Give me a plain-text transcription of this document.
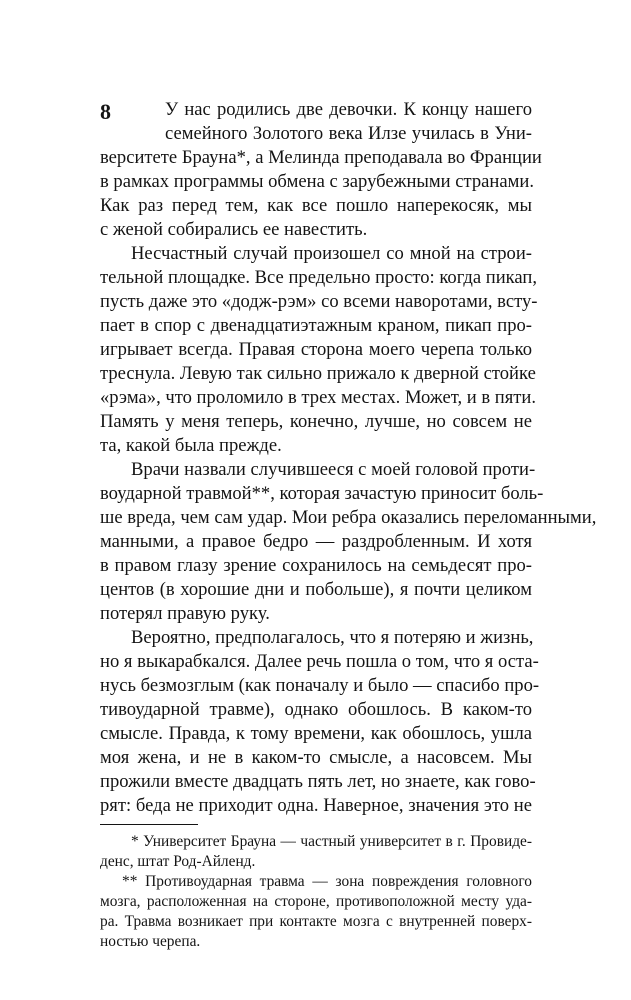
8	У нас родились две девочки. К концу нашего
семейного Золотого века Илзе училась в Уни-
верситете Брауна*, а Мелинда преподавала во Франции
в рамках программы обмена с зарубежными странами.
Как раз перед тем, как все пошло наперекосяк, мы
с женой собирались ее навестить.
Несчастный случай произошел со мной на строи-
тельной площадке. Все предельно просто: когда пикап,
пусть даже это «додж-рэм» со всеми наворотами, всту-
пает в спор с двенадцатиэтажным краном, пикап про-
игрывает всегда. Правая сторона моего черепа только
треснула. Левую так сильно прижало к дверной стойке
«рэма», что проломило в трех местах. Может, и в пяти.
Память у меня теперь, конечно, лучше, но совсем не
та, какой была прежде.
Врачи назвали случившееся с моей головой проти-
воударной травмой**, которая зачастую приносит боль-
ше вреда, чем сам удар. Мои ребра оказались переломанными,
манными, а правое бедро — раздробленным. И хотя
в правом глазу зрение сохранилось на семьдесят про-
центов (в хорошие дни и побольше), я почти целиком
потерял правую руку.
Вероятно, предполагалось, что я потеряю и жизнь,
но я выкарабкался. Далее речь пошла о том, что я оста-
нусь безмозглым (как поначалу и было — спасибо про-
тивоударной травме), однако обошлось. В каком-то
смысле. Правда, к тому времени, как обошлось, ушла
моя жена, и не в каком-то смысле, а насовсем. Мы
прожили вместе двадцать пять лет, но знаете, как гово-
рят: беда не приходит одна. Наверное, значения это не
* Университет Брауна — частный университет в г. Провиде-
денс, штат Род-Айленд.
** Противоударная травма — зона повреждения головного
мозга, расположенная на стороне, противоположной месту уда-
ра. Травма возникает при контакте мозга с внутренней поверх-
ностью черепа.
